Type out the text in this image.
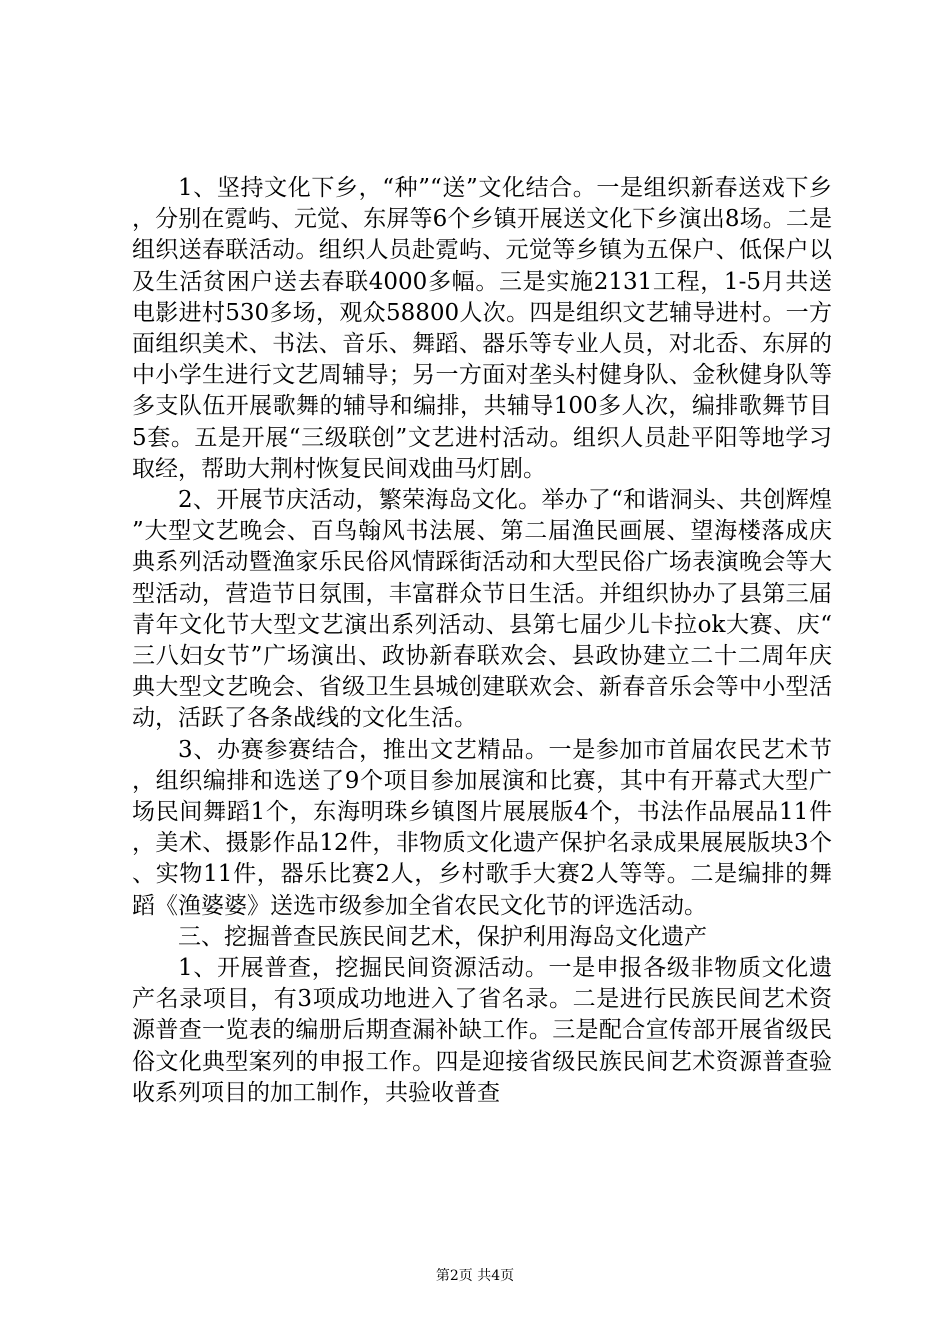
1、坚持文化下乡，“种”“送”文化结合。一是组织新春送戏下乡，分别在霓屿、元觉、东屏等6个乡镇开展送文化下乡演出8场。二是组织送春联活动。组织人员赴霓屿、元觉等乡镇为五保户、低保户以及生活贫困户送去春联4000多幅。三是实施2131工程，1-5月共送电影进村530多场，观众58800人次。四是组织文艺辅导进村。一方面组织美术、书法、音乐、舞蹈、器乐等专业人员，对北岙、东屏的中小学生进行文艺周辅导；另一方面对垄头村健身队、金秋健身队等多支队伍开展歌舞的辅导和编排，共辅导100多人次，编排歌舞节目5套。五是开展“三级联创”文艺进村活动。组织人员赴平阳等地学习取经，帮助大荆村恢复民间戏曲马灯剧。

2、开展节庆活动，繁荣海岛文化。举办了“和谐洞头、共创辉煌”大型文艺晚会、百鸟翰风书法展、第二届渔民画展、望海楼落成庆典系列活动暨渔家乐民俗风情踩街活动和大型民俗广场表演晚会等大型活动，营造节日氛围，丰富群众节日生活。并组织协办了县第三届青年文化节大型文艺演出系列活动、县第七届少儿卡拉ok大赛、庆“三八妇女节”广场演出、政协新春联欢会、县政协建立二十二周年庆典大型文艺晚会、省级卫生县城创建联欢会、新春音乐会等中小型活动，活跃了各条战线的文化生活。

3、办赛参赛结合，推出文艺精品。一是参加市首届农民艺术节，组织编排和选送了9个项目参加展演和比赛，其中有开幕式大型广场民间舞蹈1个，东海明珠乡镇图片展展版4个，书法作品展品11件，美术、摄影作品12件，非物质文化遗产保护名录成果展展版块3个、实物11件，器乐比赛2人，乡村歌手大赛2人等等。二是编排的舞蹈《渔婆婆》送选市级参加全省农民文化节的评选活动。

三、挖掘普查民族民间艺术，保护利用海岛文化遗产

1、开展普查，挖掘民间资源活动。一是申报各级非物质文化遗产名录项目，有3项成功地进入了省名录。二是进行民族民间艺术资源普查一览表的编册后期查漏补缺工作。三是配合宣传部开展省级民俗文化典型案列的申报工作。四是迎接省级民族民间艺术资源普查验收系列项目的加工制作，共验收普查

第2页 共4页
